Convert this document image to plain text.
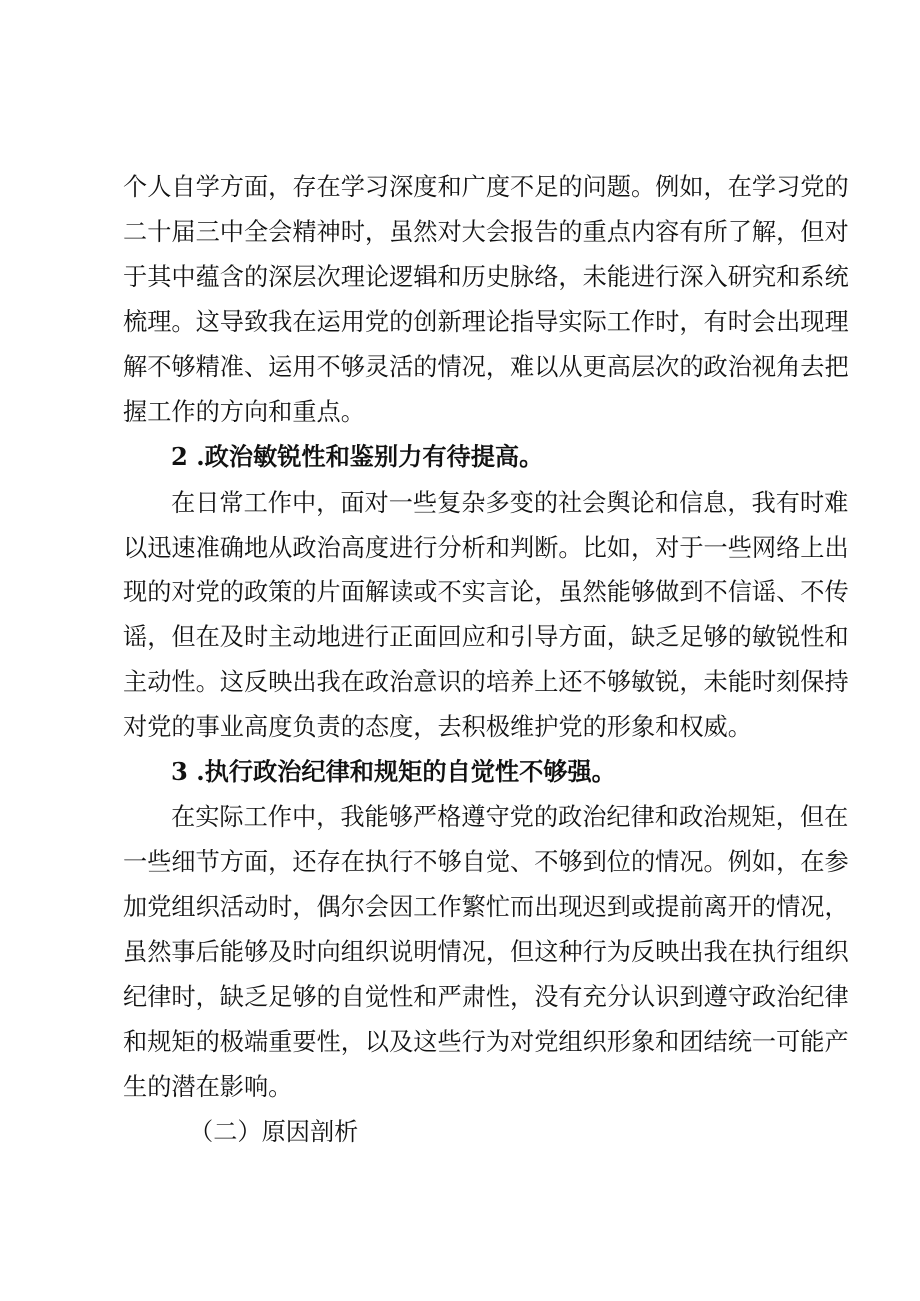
个人自学方面，存在学习深度和广度不足的问题。例如，在学习党的
二十届三中全会精神时，虽然对大会报告的重点内容有所了解，但对
于其中蕴含的深层次理论逻辑和历史脉络，未能进行深入研究和系统
梳理。这导致我在运用党的创新理论指导实际工作时，有时会出现理
解不够精准、运用不够灵活的情况，难以从更高层次的政治视角去把
握工作的方向和重点。
2 .政治敏锐性和鉴别力有待提高。
在日常工作中，面对一些复杂多变的社会舆论和信息，我有时难
以迅速准确地从政治高度进行分析和判断。比如，对于一些网络上出
现的对党的政策的片面解读或不实言论，虽然能够做到不信谣、不传
谣，但在及时主动地进行正面回应和引导方面，缺乏足够的敏锐性和
主动性。这反映出我在政治意识的培养上还不够敏锐，未能时刻保持
对党的事业高度负责的态度，去积极维护党的形象和权威。
3 .执行政治纪律和规矩的自觉性不够强。
在实际工作中，我能够严格遵守党的政治纪律和政治规矩，但在
一些细节方面，还存在执行不够自觉、不够到位的情况。例如，在参
加党组织活动时，偶尔会因工作繁忙而出现迟到或提前离开的情况，
虽然事后能够及时向组织说明情况，但这种行为反映出我在执行组织
纪律时，缺乏足够的自觉性和严肃性，没有充分认识到遵守政治纪律
和规矩的极端重要性，以及这些行为对党组织形象和团结统一可能产
生的潜在影响。
（二）原因剖析
